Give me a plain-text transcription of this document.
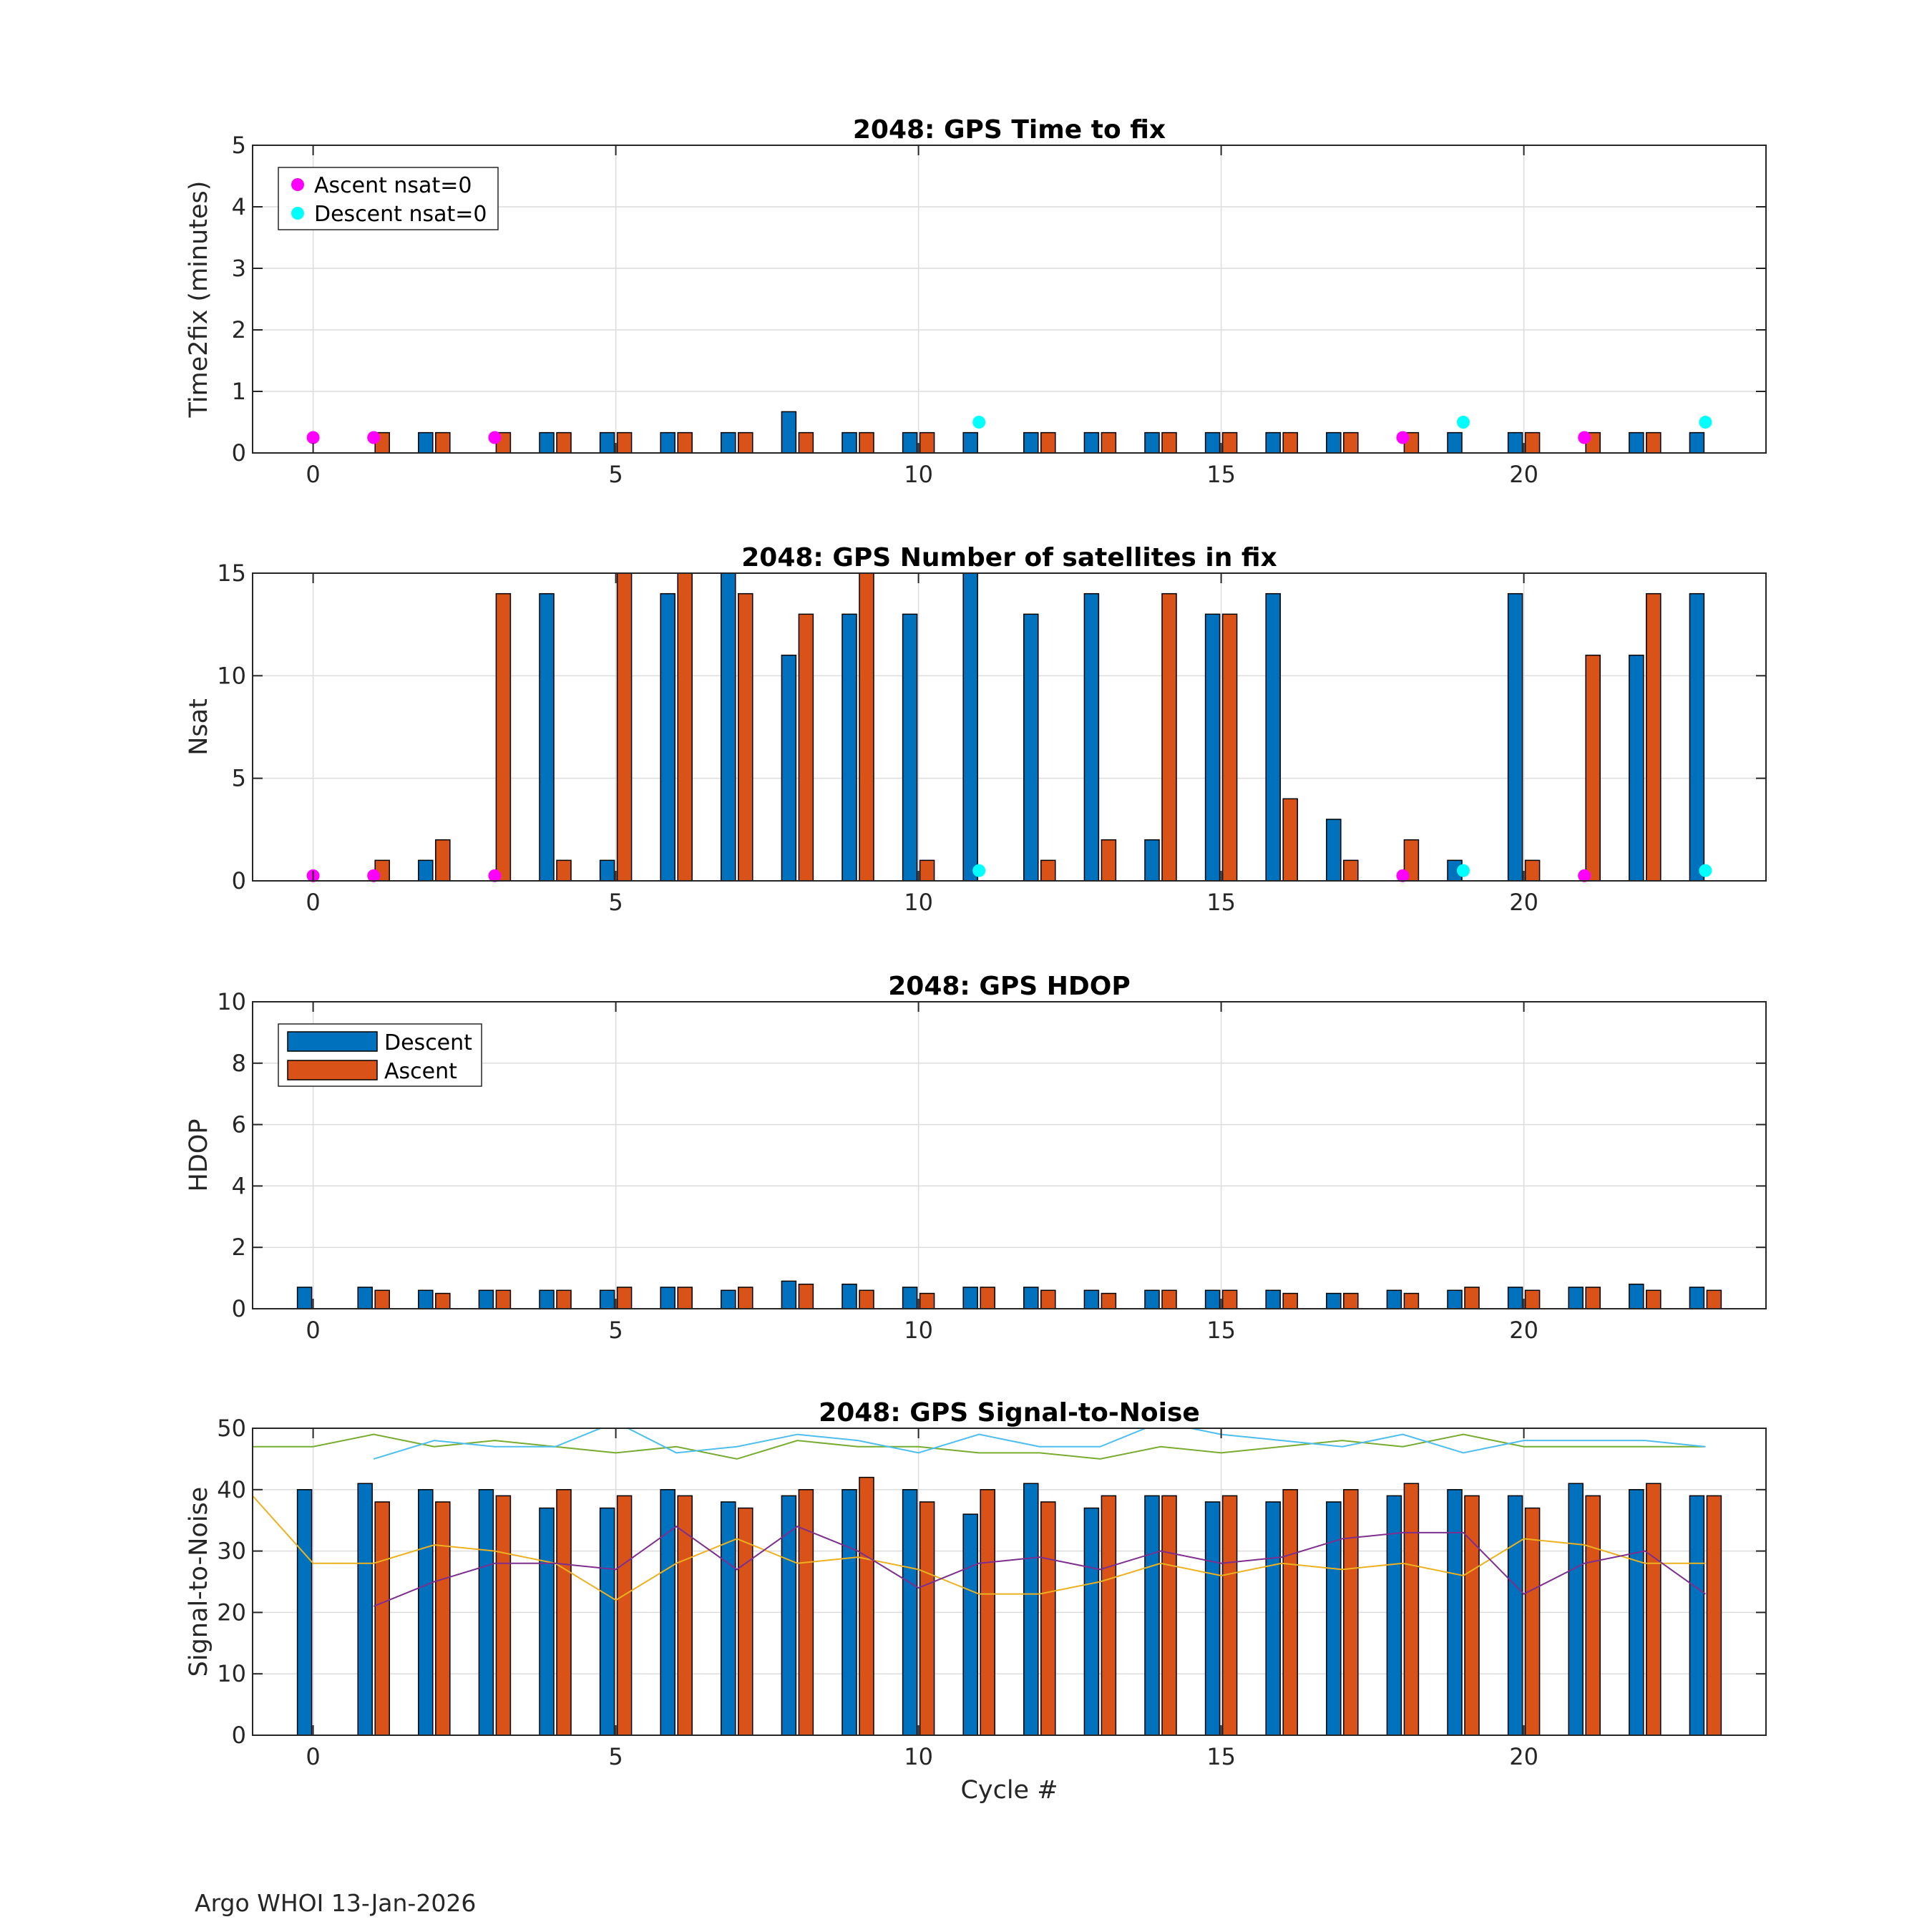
0	5	10	15	20
0
1
2
3
4
5
2048: GPS Time to fix
Time2fix (minutes)	Ascent nsat=0
Descent nsat=0
0	5	10	15	20
0
5
10
15
2048: GPS Number of satellites in fix
Nsat
0	5	10	15	20
0
2
4
6
8
10
2048: GPS HDOP
HDOP
Descent
Ascent
0	5	10	15	20
0
10
20
30
40
50
2048: GPS Signal-to-Noise
Signal-to-Noise
Cycle #
Argo WHOI 13-Jan-2026
